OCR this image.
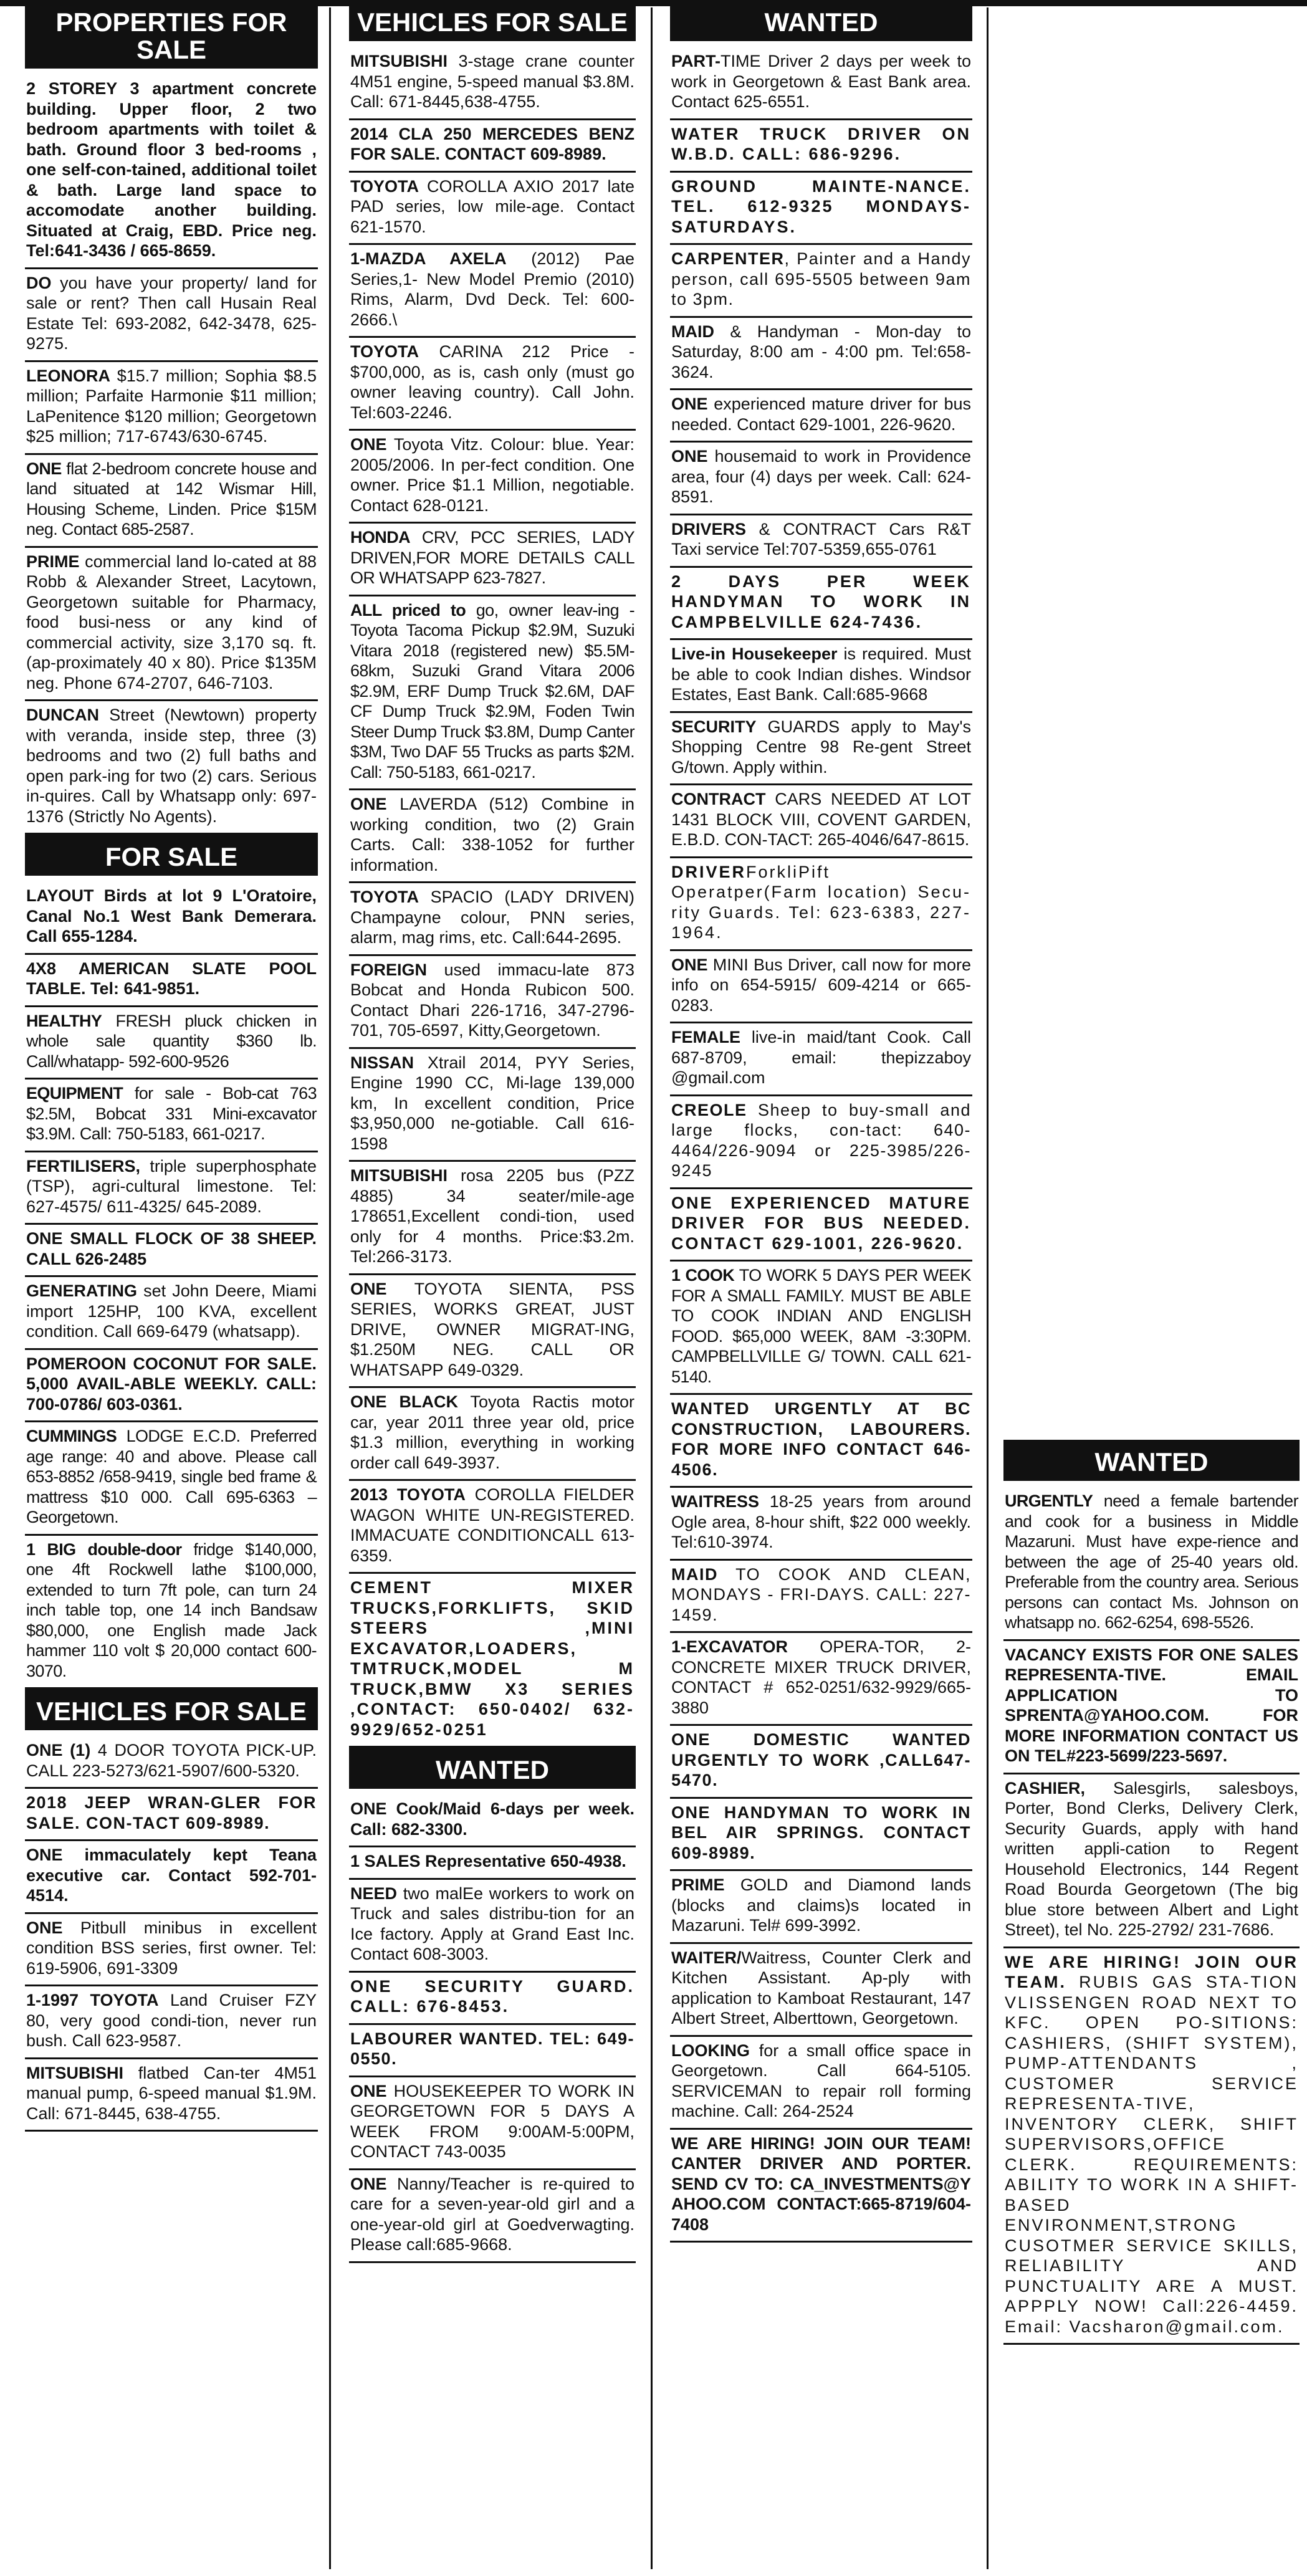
PROPERTIES FOR SALE
2 STOREY 3 apartment concrete building. Upper floor, 2 two bedroom apartments with toilet & bath. Ground floor 3 bed-rooms , one self-con-tained, additional toilet & bath. Large land space to accomodate another building. Situated at Craig, EBD. Price neg. Tel:641-3436 / 665-8659.
DO you have your property/ land for sale or rent? Then call Husain Real Estate Tel: 693-2082, 642-3478, 625-9275.
LEONORA $15.7 million; Sophia $8.5 million; Parfaite Harmonie $11 million; LaPenitence $120 million; Georgetown $25 million; 717-6743/630-6745.
ONE flat 2-bedroom concrete house and land situated at 142 Wismar Hill, Housing Scheme, Linden. Price $15M neg. Contact 685-2587.
PRIME commercial land lo-cated at 88 Robb & Alexander Street, Lacytown, Georgetown suitable for Pharmacy, food busi-ness or any kind of commercial activity, size 3,170 sq. ft. (ap-proximately 40 x 80). Price $135M neg. Phone 674-2707, 646-7103.
DUNCAN Street (Newtown) property with veranda, inside step, three (3) bedrooms and two (2) full baths and open park-ing for two (2) cars. Serious in-quires. Call by Whatsapp only: 697-1376 (Strictly No Agents).
FOR SALE
LAYOUT Birds at lot 9 L'Oratoire, Canal No.1 West Bank Demerara. Call 655-1284.
4X8 AMERICAN SLATE POOL TABLE. Tel: 641-9851.
HEALTHY FRESH pluck chicken in whole sale quantity $360 lb. Call/whatapp- 592-600-9526
EQUIPMENT for sale - Bob-cat 763 $2.5M, Bobcat 331 Mini-excavator $3.9M. Call: 750-5183, 661-0217.
FERTILISERS, triple superphosphate (TSP), agri-cultural limestone. Tel: 627-4575/ 611-4325/ 645-2089.
ONE SMALL FLOCK OF 38 SHEEP. CALL 626-2485
GENERATING set John Deere, Miami import 125HP, 100 KVA, excellent condition. Call 669-6479 (whatsapp).
POMEROON COCONUT FOR SALE. 5,000 AVAIL-ABLE WEEKLY. CALL: 700-0786/ 603-0361.
CUMMINGS LODGE E.C.D. Preferred age range: 40 and above. Please call 653-8852 /658-9419, single bed frame & mattress $10 000. Call 695-6363 – Georgetown.
1 BIG double-door fridge $140,000, one 4ft Rockwell lathe $100,000, extended to turn 7ft pole, can turn 24 inch table top, one 14 inch Bandsaw $80,000, one English made Jack hammer 110 volt $ 20,000 contact 600-3070.
VEHICLES FOR SALE
ONE (1) 4 DOOR TOYOTA PICK-UP. CALL 223-5273/621-5907/600-5320.
2018 JEEP WRAN-GLER FOR SALE. CON-TACT 609-8989.
ONE immaculately kept Teana executive car. Contact 592-701-4514.
ONE Pitbull minibus in excellent condition BSS series, first owner. Tel: 619-5906, 691-3309
1-1997 TOYOTA Land Cruiser FZY 80, very good condi-tion, never run bush. Call 623-9587.
MITSUBISHI flatbed Can-ter 4M51 manual pump, 6-speed manual $1.9M. Call: 671-8445, 638-4755.
VEHICLES FOR SALE
MITSUBISHI 3-stage crane counter 4M51 engine, 5-speed manual $3.8M. Call: 671-8445,638-4755.
2014 CLA 250 MERCEDES BENZ FOR SALE. CONTACT 609-8989.
TOYOTA COROLLA AXIO 2017 late PAD series, low mile-age. Contact 621-1570.
1-MAZDA AXELA (2012) Pae Series,1- New Model Premio (2010) Rims, Alarm, Dvd Deck. Tel: 600-2666.\
TOYOTA CARINA 212 Price - $700,000, as is, cash only (must go owner leaving country). Call John. Tel:603-2246.
ONE Toyota Vitz. Colour: blue. Year: 2005/2006. In per-fect condition. One owner. Price $1.1 Million, negotiable. Contact 628-0121.
HONDA CRV, PCC SERIES, LADY DRIVEN,FOR MORE DETAILS CALL OR WHATSAPP 623-7827.
ALL priced to go, owner leav-ing - Toyota Tacoma Pickup $2.9M, Suzuki Vitara 2018 (registered new) $5.5M-68km, Suzuki Grand Vitara 2006 $2.9M, ERF Dump Truck $2.6M, DAF CF Dump Truck $2.9M, Foden Twin Steer Dump Truck $3.8M, Dump Canter $3M, Two DAF 55 Trucks as parts $2M. Call: 750-5183, 661-0217.
ONE LAVERDA (512) Combine in working condition, two (2) Grain Carts. Call: 338-1052 for further information.
TOYOTA SPACIO (LADY DRIVEN) Champayne colour, PNN series, alarm, mag rims, etc. Call:644-2695.
FOREIGN used immacu-late 873 Bobcat and Honda Rubicon 500. Contact Dhari 226-1716, 347-2796-701, 705-6597, Kitty,Georgetown.
NISSAN Xtrail 2014, PYY Series, Engine 1990 CC, Mi-lage 139,000 km, In excellent condition, Price $3,950,000 ne-gotiable. Call 616-1598
MITSUBISHI rosa 2205 bus (PZZ 4885) 34 seater/mile-age 178651,Excellent condi-tion, used only for 4 months. Price:$3.2m. Tel:266-3173.
ONE TOYOTA SIENTA, PSS SERIES, WORKS GREAT, JUST DRIVE, OWNER MIGRAT-ING, $1.250M NEG. CALL OR WHATSAPP 649-0329.
ONE BLACK Toyota Ractis motor car, year 2011 three year old, price $1.3 million, everything in working order call 649-3937.
2013 TOYOTA COROLLA FIELDER WAGON WHITE UN-REGISTERED. IMMACUATE CONDITIONCALL 613-6359.
CEMENT MIXER TRUCKS,FORKLIFTS, SKID STEERS ,MINI EXCAVATOR,LOADERS, TMTRUCK,MODEL M TRUCK,BMW X3 SERIES ,CONTACT: 650-0402/ 632-9929/652-0251
WANTED
ONE Cook/Maid 6-days per week. Call: 682-3300.
1 SALES Representative 650-4938.
NEED two malEe workers to work on Truck and sales distribu-tion for an Ice factory. Apply at Grand East Inc. Contact 608-3003.
ONE SECURITY GUARD. CALL: 676-8453.
LABOURER WANTED. TEL: 649-0550.
ONE HOUSEKEEPER TO WORK IN GEORGETOWN FOR 5 DAYS A WEEK FROM 9:00AM-5:00PM, CONTACT 743-0035
ONE Nanny/Teacher is re-quired to care for a seven-year-old girl and a one-year-old girl at Goedverwagting. Please call:685-9668.
WANTED
PART-TIME Driver 2 days per week to work in Georgetown & East Bank area. Contact 625-6551.
WATER TRUCK DRIVER ON W.B.D. CALL: 686-9296.
GROUND MAINTE-NANCE. TEL. 612-9325 MONDAYS-SATURDAYS.
CARPENTER, Painter and a Handy person, call 695-5505 between 9am to 3pm.
MAID & Handyman - Mon-day to Saturday, 8:00 am - 4:00 pm. Tel:658-3624.
ONE experienced mature driver for bus needed. Contact 629-1001, 226-9620.
ONE housemaid to work in Providence area, four (4) days per week. Call: 624-8591.
DRIVERS & CONTRACT Cars R&T Taxi service Tel:707-5359,655-0761
2 DAYS PER WEEK HANDYMAN TO WORK IN CAMPBELVILLE 624-7436.
Live-in Housekeeper is required. Must be able to cook Indian dishes. Windsor Estates, East Bank. Call:685-9668
SECURITY GUARDS apply to May's Shopping Centre 98 Re-gent Street G/town. Apply within.
CONTRACT CARS NEEDED AT LOT 1431 BLOCK VIII, COVENT GARDEN, E.B.D. CON-TACT: 265-4046/647-8615.
DRIVERForkliPift Operatper(Farm location) Secu-rity Guards. Tel: 623-6383, 227-1964.
ONE MINI Bus Driver, call now for more info on 654-5915/ 609-4214 or 665-0283.
FEMALE live-in maid/tant Cook. Call 687-8709, email: thepizzaboy @gmail.com
CREOLE Sheep to buy-small and large flocks, con-tact: 640-4464/226-9094 or 225-3985/226-9245
ONE EXPERIENCED MATURE DRIVER FOR BUS NEEDED. CONTACT 629-1001, 226-9620.
1 COOK TO WORK 5 DAYS PER WEEK FOR A SMALL FAMILY. MUST BE ABLE TO COOK INDIAN AND ENGLISH FOOD. $65,000 WEEK, 8AM -3:30PM. CAMPBELLVILLE G/ TOWN. CALL 621-5140.
WANTED URGENTLY AT BC CONSTRUCTION, LABOURERS. FOR MORE INFO CONTACT 646-4506.
WAITRESS 18-25 years from around Ogle area, 8-hour shift, $22 000 weekly. Tel:610-3974.
MAID TO COOK AND CLEAN, MONDAYS - FRI-DAYS. CALL: 227-1459.
1-EXCAVATOR OPERA-TOR, 2- CONCRETE MIXER TRUCK DRIVER, CONTACT # 652-0251/632-9929/665-3880
ONE DOMESTIC WANTED URGENTLY TO WORK ,CALL647-5470.
ONE HANDYMAN TO WORK IN BEL AIR SPRINGS. CONTACT 609-8989.
PRIME GOLD and Diamond lands (blocks and claims)s located in Mazaruni. Tel# 699-3992.
WAITER/Waitress, Counter Clerk and Kitchen Assistant. Ap-ply with application to Kamboat Restaurant, 147 Albert Street, Alberttown, Georgetown.
LOOKING for a small office space in Georgetown. Call 664-5105. SERVICEMAN to repair roll forming machine. Call: 264-2524
WE ARE HIRING! JOIN OUR TEAM! CANTER DRIVER AND PORTER. SEND CV TO: CA_INVESTMENTS@Y AHOO.COM CONTACT:665-8719/604-7408
WANTED
URGENTLY need a female bartender and cook for a business in Middle Mazaruni. Must have expe-rience and between the age of 25-40 years old. Preferable from the country area. Serious persons can contact Ms. Johnson on whatsapp no. 662-6254, 698-5526.
VACANCY EXISTS FOR ONE SALES REPRESENTA-TIVE. EMAIL APPLICATION TO SPRENTA@YAHOO.COM. FOR MORE INFORMATION CONTACT US ON TEL#223-5699/223-5697.
CASHIER, Salesgirls, salesboys, Porter, Bond Clerks, Delivery Clerk, Security Guards, apply with hand written appli-cation to Regent Household Electronics, 144 Regent Road Bourda Georgetown (The big blue store between Albert and Light Street), tel No. 225-2792/ 231-7686.
WE ARE HIRING! JOIN OUR TEAM. RUBIS GAS STA-TION VLISSENGEN ROAD NEXT TO KFC. OPEN PO-SITIONS: CASHIERS, (SHIFT SYSTEM), PUMP-ATTENDANTS , CUSTOMER SERVICE REPRESENTA-TIVE, INVENTORY CLERK, SHIFT SUPERVISORS,OFFICE CLERK. REQUIREMENTS: ABILITY TO WORK IN A SHIFT-BASED ENVIRONMENT,STRONG CUSOTMER SERVICE SKILLS, RELIABILITY AND PUNCTUALITY ARE A MUST. APPPLY NOW! Call:226-4459. Email: Vacsharon@gmail.com.
